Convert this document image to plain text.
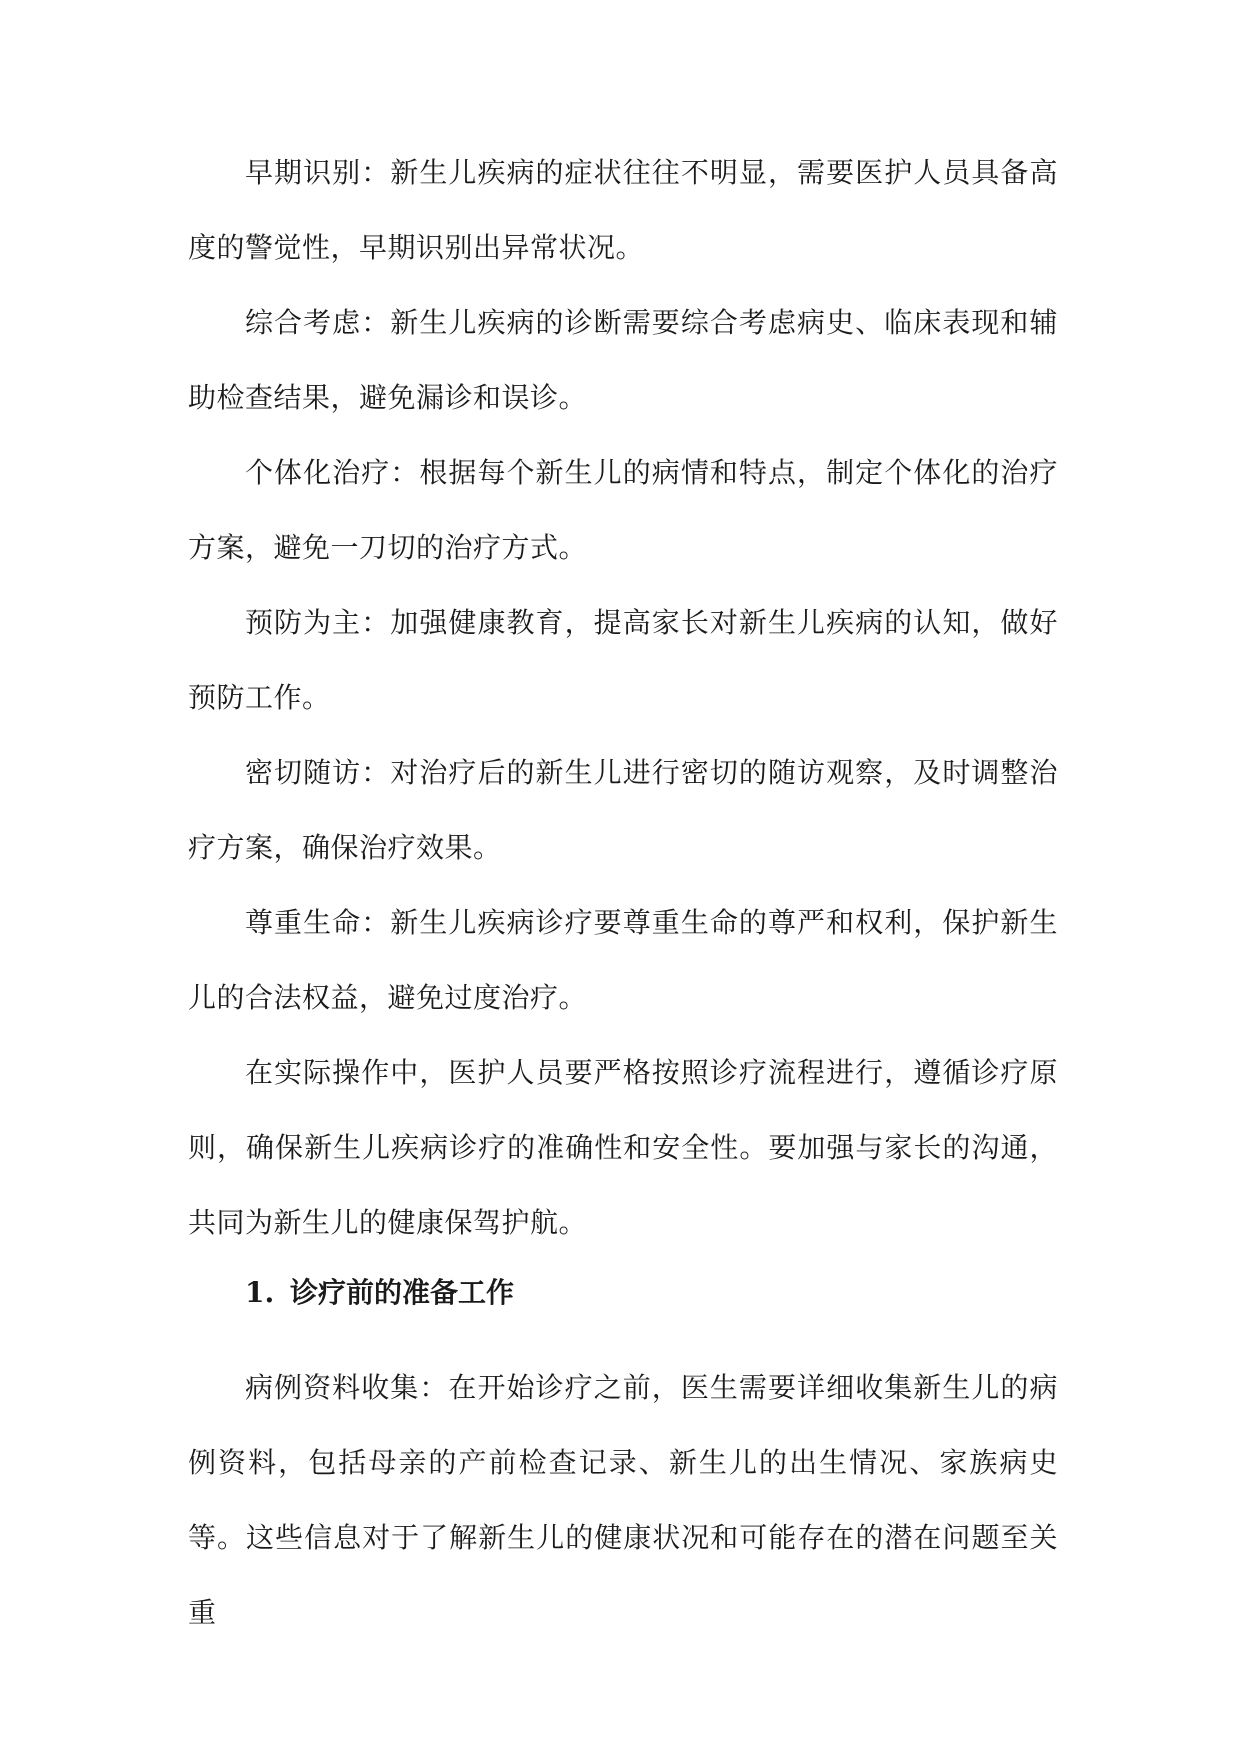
早期识别：新生儿疾病的症状往往不明显，需要医护人员具备高度的警觉性，早期识别出异常状况。

综合考虑：新生儿疾病的诊断需要综合考虑病史、临床表现和辅助检查结果，避免漏诊和误诊。

个体化治疗：根据每个新生儿的病情和特点，制定个体化的治疗方案，避免一刀切的治疗方式。

预防为主：加强健康教育，提高家长对新生儿疾病的认知，做好预防工作。

密切随访：对治疗后的新生儿进行密切的随访观察，及时调整治疗方案，确保治疗效果。

尊重生命：新生儿疾病诊疗要尊重生命的尊严和权利，保护新生儿的合法权益，避免过度治疗。

在实际操作中，医护人员要严格按照诊疗流程进行，遵循诊疗原则，确保新生儿疾病诊疗的准确性和安全性。要加强与家长的沟通，共同为新生儿的健康保驾护航。

1. 诊疗前的准备工作

病例资料收集：在开始诊疗之前，医生需要详细收集新生儿的病例资料，包括母亲的产前检查记录、新生儿的出生情况、家族病史等。这些信息对于了解新生儿的健康状况和可能存在的潜在问题至关重
